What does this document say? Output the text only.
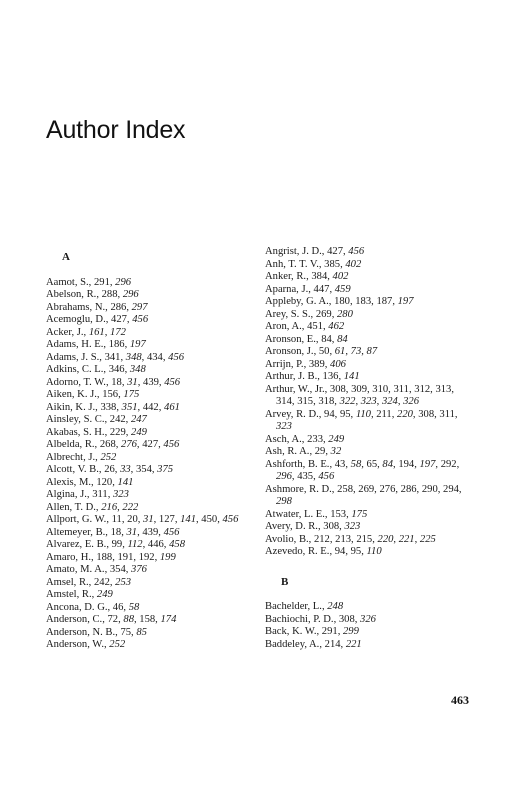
Author Index
A
Aamot, S., 291, 296
Abelson, R., 288, 296
Abrahams, N., 286, 297
Acemoglu, D., 427, 456
Acker, J., 161, 172
Adams, H. E., 186, 197
Adams, J. S., 341, 348, 434, 456
Adkins, C. L., 346, 348
Adorno, T. W., 18, 31, 439, 456
Aiken, K. J., 156, 175
Aikin, K. J., 338, 351, 442, 461
Ainsley, S. C., 242, 247
Akabas, S. H., 229, 249
Albelda, R., 268, 276, 427, 456
Albrecht, J., 252
Alcott, V. B., 26, 33, 354, 375
Alexis, M., 120, 141
Algina, J., 311, 323
Allen, T. D., 216, 222
Allport, G. W., 11, 20, 31, 127, 141, 450, 456
Altemeyer, B., 18, 31, 439, 456
Alvarez, E. B., 99, 112, 446, 458
Amaro, H., 188, 191, 192, 199
Amato, M. A., 354, 376
Amsel, R., 242, 253
Amstel, R., 249
Ancona, D. G., 46, 58
Anderson, C., 72, 88, 158, 174
Anderson, N. B., 75, 85
Anderson, W., 252
Angrist, J. D., 427, 456
Anh, T. T. V., 385, 402
Anker, R., 384, 402
Aparna, J., 447, 459
Appleby, G. A., 180, 183, 187, 197
Arey, S. S., 269, 280
Aron, A., 451, 462
Aronson, E., 84, 84
Aronson, J., 50, 61, 73, 87
Arrijn, P., 389, 406
Arthur, J. B., 136, 141
Arthur, W., Jr., 308, 309, 310, 311, 312, 313, 314, 315, 318, 322, 323, 324, 326
Arvey, R. D., 94, 95, 110, 211, 220, 308, 311, 323
Asch, A., 233, 249
Ash, R. A., 29, 32
Ashforth, B. E., 43, 58, 65, 84, 194, 197, 292, 296, 435, 456
Ashmore, R. D., 258, 269, 276, 286, 290, 294, 298
Atwater, L. E., 153, 175
Avery, D. R., 308, 323
Avolio, B., 212, 213, 215, 220, 221, 225
Azevedo, R. E., 94, 95, 110
B
Bachelder, L., 248
Bachiochi, P. D., 308, 326
Back, K. W., 291, 299
Baddeley, A., 214, 221
463
